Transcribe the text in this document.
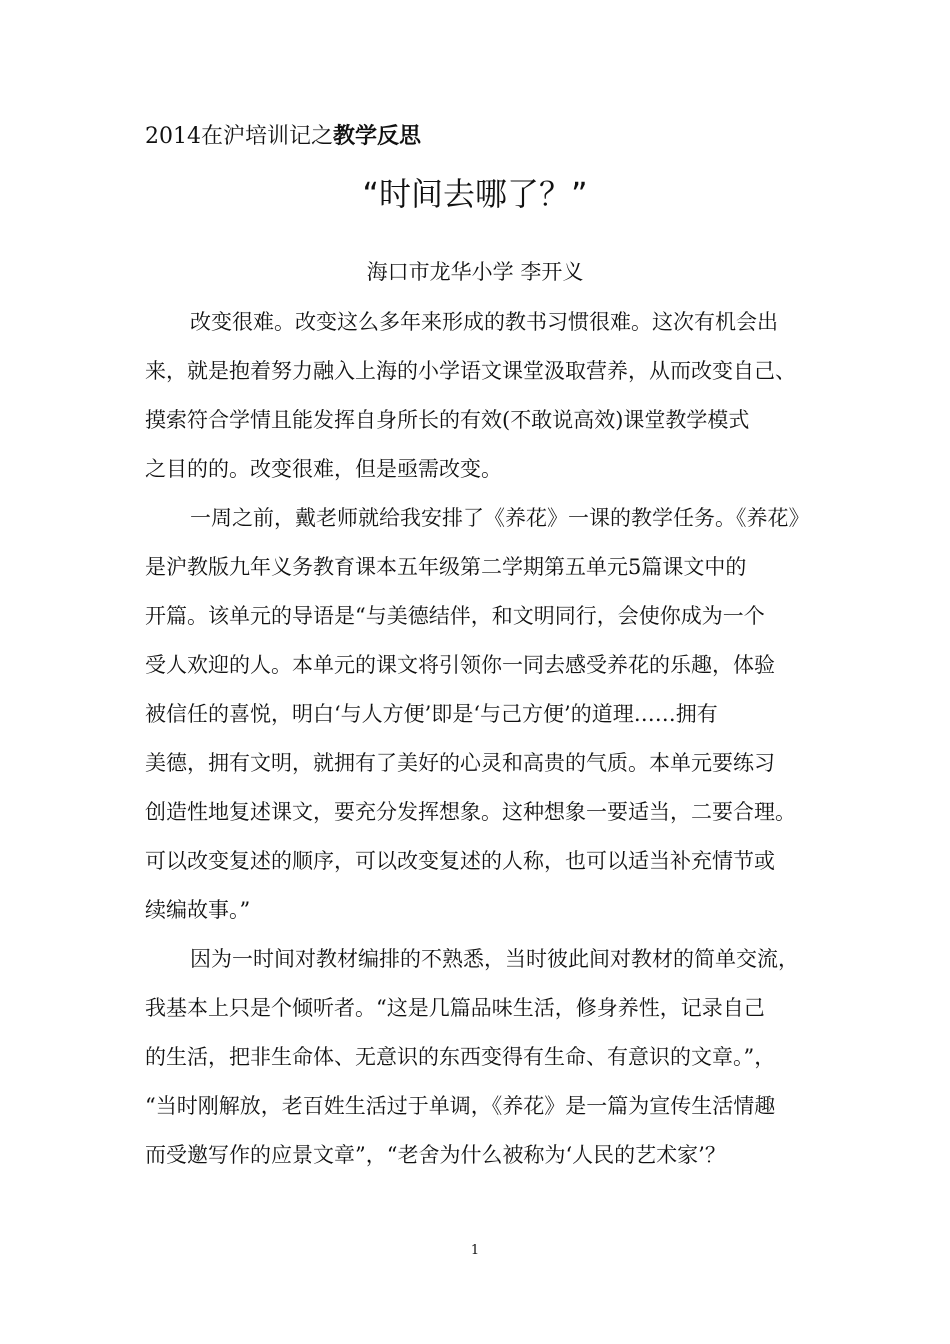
2014在沪培训记之教学反思
“时间去哪了？”
海口市龙华小学 李开义
改变很难。改变这么多年来形成的教书习惯很难。这次有机会出
来，就是抱着努力融入上海的小学语文课堂汲取营养，从而改变自己、
摸索符合学情且能发挥自身所长的有效(不敢说高效)课堂教学模式
之目的的。改变很难，但是亟需改变。
一周之前，戴老师就给我安排了《养花》一课的教学任务。《养花》
是沪教版九年义务教育课本五年级第二学期第五单元5篇课文中的
开篇。该单元的导语是“与美德结伴，和文明同行，会使你成为一个
受人欢迎的人。本单元的课文将引领你一同去感受养花的乐趣，体验
被信任的喜悦，明白‘与人方便’即是‘与己方便’的道理……拥有
美德，拥有文明，就拥有了美好的心灵和高贵的气质。本单元要练习
创造性地复述课文，要充分发挥想象。这种想象一要适当，二要合理。
可以改变复述的顺序，可以改变复述的人称，也可以适当补充情节或
续编故事。”
因为一时间对教材编排的不熟悉，当时彼此间对教材的简单交流，
我基本上只是个倾听者。“这是几篇品味生活，修身养性，记录自己
的生活，把非生命体、无意识的东西变得有生命、有意识的文章。”，
“当时刚解放，老百姓生活过于单调，《养花》是一篇为宣传生活情趣
而受邀写作的应景文章”，“老舍为什么被称为‘人民的艺术家’？
1
